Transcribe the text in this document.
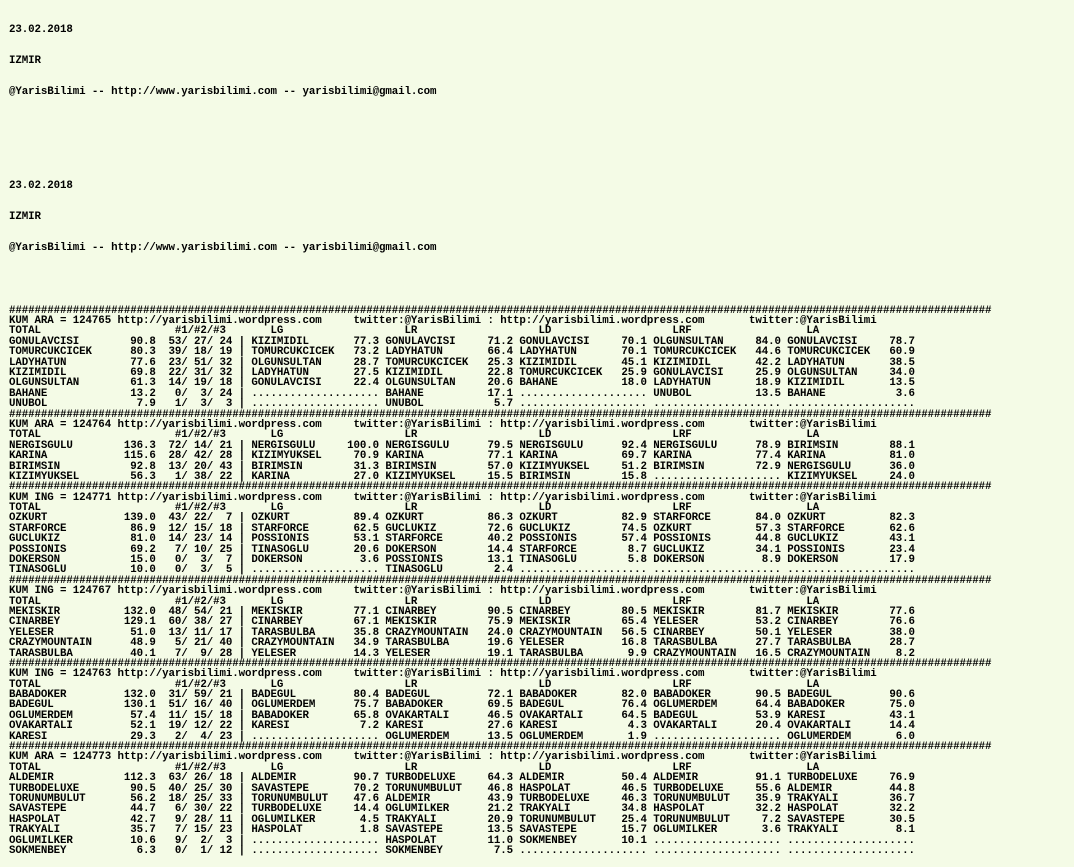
23.02.2018

IZMIR

@YarisBilimi -- http://www.yarisbilimi.com -- yarisbilimi@gmail.com

23.02.2018

IZMIR

@YarisBilimi -- http://www.yarisbilimi.com -- yarisbilimi@gmail.com

##########################################################################################################################################################
KUM ARA = 124765 http://yarisbilimi.wordpress.com     twitter:@YarisBilimi : http://yarisbilimi.wordpress.com       twitter:@YarisBilimi
TOTAL                     #1/#2/#3       LG                   LR                   LD                   LRF                  LA
GONULAVCISI        90.8  53/ 27/ 24 | KIZIMIDIL       77.3 GONULAVCISI     71.2 GONULAVCISI     70.1 OLGUNSULTAN     84.0 GONULAVCISI     78.7
TOMURCUKCICEK      80.3  39/ 18/ 19 | TOMURCUKCICEK   73.2 LADYHATUN       66.4 LADYHATUN       70.1 TOMURCUKCICEK   44.6 TOMURCUKCICEK   60.9
LADYHATUN          77.6  23/ 51/ 32 | OLGUNSULTAN     28.7 TOMURCUKCICEK   25.3 KIZIMIDIL       45.1 KIZIMIDIL       42.2 LADYHATUN       38.5
KIZIMIDIL          69.8  22/ 31/ 32 | LADYHATUN       27.5 KIZIMIDIL       22.8 TOMURCUKCICEK   25.9 GONULAVCISI     25.9 OLGUNSULTAN     34.0
OLGUNSULTAN        61.3  14/ 19/ 18 | GONULAVCISI     22.4 OLGUNSULTAN     20.6 BAHANE          18.0 LADYHATUN       18.9 KIZIMIDIL       13.5
BAHANE             13.2   0/  3/ 24 | .................... BAHANE          17.1 .................... UNUBOL          13.5 BAHANE           3.6
UNUBOL              7.9   1/  3/  3 | .................... UNUBOL           5.7 .................... .................... ....................
##########################################################################################################################################################
KUM ARA = 124764 http://yarisbilimi.wordpress.com     twitter:@YarisBilimi : http://yarisbilimi.wordpress.com       twitter:@YarisBilimi
TOTAL                     #1/#2/#3       LG                   LR                   LD                   LRF                  LA
NERGISGULU        136.3  72/ 14/ 21 | NERGISGULU     100.0 NERGISGULU      79.5 NERGISGULU      92.4 NERGISGULU      78.9 BIRIMSIN        88.1
KARINA            115.6  28/ 42/ 28 | KIZIMYUKSEL     70.9 KARINA          77.1 KARINA          69.7 KARINA          77.4 KARINA          81.0
BIRIMSIN           92.8  13/ 20/ 43 | BIRIMSIN        31.3 BIRIMSIN        57.0 KIZIMYUKSEL     51.2 BIRIMSIN        72.9 NERGISGULU      36.0
KIZIMYUKSEL        56.3   1/ 38/ 22 | KARINA          27.0 KIZIMYUKSEL     15.5 BIRIMSIN        15.8 .................... KIZIMYUKSEL     24.0
##########################################################################################################################################################
KUM ING = 124771 http://yarisbilimi.wordpress.com     twitter:@YarisBilimi : http://yarisbilimi.wordpress.com       twitter:@YarisBilimi
TOTAL                     #1/#2/#3       LG                   LR                   LD                   LRF                  LA
OZKURT            139.0  43/ 22/  7 | OZKURT          89.4 OZKURT          86.3 OZKURT          82.9 STARFORCE       84.0 OZKURT          82.3
STARFORCE          86.9  12/ 15/ 18 | STARFORCE       62.5 GUCLUKIZ        72.6 GUCLUKIZ        74.5 OZKURT          57.3 STARFORCE       62.6
GUCLUKIZ           81.0  14/ 23/ 14 | POSSIONIS       53.1 STARFORCE       40.2 POSSIONIS       57.4 POSSIONIS       44.8 GUCLUKIZ        43.1
POSSIONIS          69.2   7/ 10/ 25 | TINASOGLU       20.6 DOKERSON        14.4 STARFORCE        8.7 GUCLUKIZ        34.1 POSSIONIS       23.4
DOKERSON           15.0   0/  3/  7 | DOKERSON         3.6 POSSIONIS       13.1 TINASOGLU        5.8 DOKERSON         8.9 DOKERSON        17.9
TINASOGLU          10.0   0/  3/  5 | .................... TINASOGLU        2.4 .................... .................... ....................
##########################################################################################################################################################
KUM ING = 124767 http://yarisbilimi.wordpress.com     twitter:@YarisBilimi : http://yarisbilimi.wordpress.com       twitter:@YarisBilimi
TOTAL                     #1/#2/#3       LG                   LR                   LD                   LRF                  LA
MEKISKIR          132.0  48/ 54/ 21 | MEKISKIR        77.1 CINARBEY        90.5 CINARBEY        80.5 MEKISKIR        81.7 MEKISKIR        77.6
CINARBEY          129.1  60/ 38/ 27 | CINARBEY        67.1 MEKISKIR        75.9 MEKISKIR        65.4 YELESER         53.2 CINARBEY        76.6
YELESER            51.0  13/ 11/ 17 | TARASBULBA      35.8 CRAZYMOUNTAIN   24.0 CRAZYMOUNTAIN   56.5 CINARBEY        50.1 YELESER         38.0
CRAZYMOUNTAIN      48.9   5/ 21/ 40 | CRAZYMOUNTAIN   34.9 TARASBULBA      19.6 YELESER         16.8 TARASBULBA      27.7 TARASBULBA      28.7
TARASBULBA         40.1   7/  9/ 28 | YELESER         14.3 YELESER         19.1 TARASBULBA       9.9 CRAZYMOUNTAIN   16.5 CRAZYMOUNTAIN    8.2
##########################################################################################################################################################
KUM ING = 124763 http://yarisbilimi.wordpress.com     twitter:@YarisBilimi : http://yarisbilimi.wordpress.com       twitter:@YarisBilimi
TOTAL                     #1/#2/#3       LG                   LR                   LD                   LRF                  LA
BABADOKER         132.0  31/ 59/ 21 | BADEGUL         80.4 BADEGUL         72.1 BABADOKER       82.0 BABADOKER       90.5 BADEGUL         90.6
BADEGUL           130.1  51/ 16/ 40 | OGLUMERDEM      75.7 BABADOKER       69.5 BADEGUL         76.4 OGLUMERDEM      64.4 BABADOKER       75.0
OGLUMERDEM         57.4  11/ 15/ 18 | BABADOKER       65.8 OVAKARTALI      46.5 OVAKARTALI      64.5 BADEGUL         53.9 KARESI          43.1
OVAKARTALI         52.1  19/ 12/ 22 | KARESI           7.2 KARESI          27.6 KARESI           4.3 OVAKARTALI      20.4 OVAKARTALI      14.4
KARESI             29.3   2/  4/ 23 | .................... OGLUMERDEM      13.5 OGLUMERDEM       1.9 .................... OGLUMERDEM       6.0
##########################################################################################################################################################
KUM ARA = 124773 http://yarisbilimi.wordpress.com     twitter:@YarisBilimi : http://yarisbilimi.wordpress.com       twitter:@YarisBilimi
TOTAL                     #1/#2/#3       LG                   LR                   LD                   LRF                  LA
ALDEMIR           112.3  63/ 26/ 18 | ALDEMIR         90.7 TURBODELUXE     64.3 ALDEMIR         50.4 ALDEMIR         91.1 TURBODELUXE     76.9
TURBODELUXE        90.5  40/ 25/ 30 | SAVASTEPE       70.2 TORUNUMBULUT    46.8 HASPOLAT        46.5 TURBODELUXE     55.6 ALDEMIR         44.8
TORUNUMBULUT       56.2  18/ 25/ 33 | TORUNUMBULUT    47.6 ALDEMIR         43.9 TURBODELUXE     46.3 TORUNUMBULUT    35.9 TRAKYALI        36.7
SAVASTEPE          44.7   6/ 30/ 22 | TURBODELUXE     14.4 OGLUMILKER      21.2 TRAKYALI        34.8 HASPOLAT        32.2 HASPOLAT        32.2
HASPOLAT           42.7   9/ 28/ 11 | OGLUMILKER       4.5 TRAKYALI        20.9 TORUNUMBULUT    25.4 TORUNUMBULUT     7.2 SAVASTEPE       30.5
TRAKYALI           35.7   7/ 15/ 23 | HASPOLAT         1.8 SAVASTEPE       13.5 SAVASTEPE       15.7 OGLUMILKER       3.6 TRAKYALI         8.1
OGLUMILKER         10.6   9/  2/  3 | .................... HASPOLAT        11.0 SOKMENBEY       10.1 .................... ....................
SOKMENBEY           6.3   0/  1/ 12 | .................... SOKMENBEY        7.5 .................... .................... ....................
